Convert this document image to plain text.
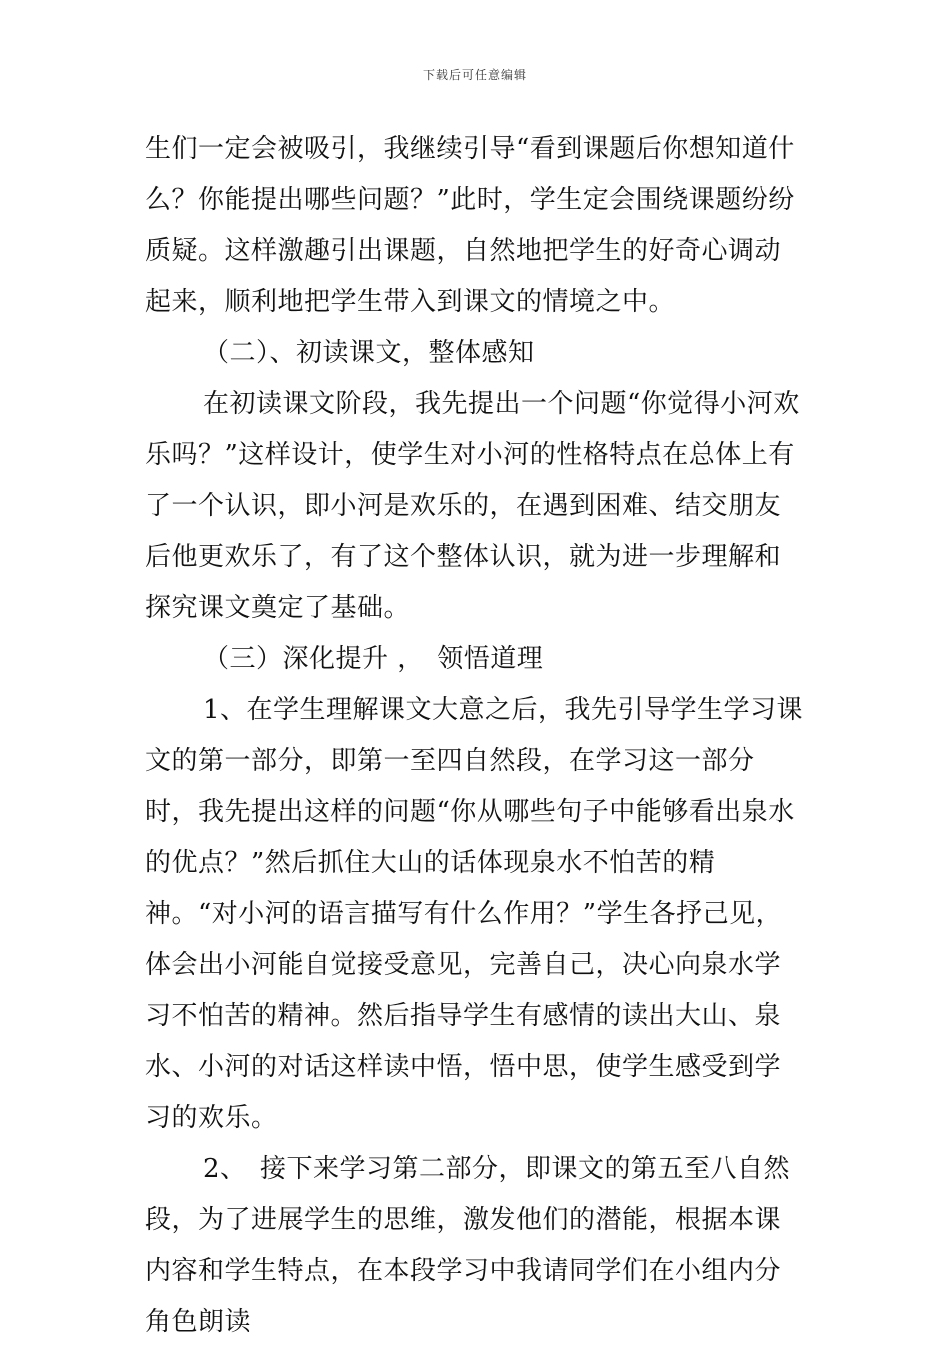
下载后可任意编辑

生们一定会被吸引，我继续引导“看到课题后你想知道什么？你能提出哪些问题？”此时，学生定会围绕课题纷纷质疑。这样激趣引出课题，自然地把学生的好奇心调动起来，顺利地把学生带入到课文的情境之中。

（二）、初读课文，整体感知

在初读课文阶段，我先提出一个问题“你觉得小河欢乐吗？”这样设计，使学生对小河的性格特点在总体上有了一个认识，即小河是欢乐的，在遇到困难、结交朋友后他更欢乐了，有了这个整体认识，就为进一步理解和探究课文奠定了基础。

（三）深化提升 ，　领悟道理

1、在学生理解课文大意之后，我先引导学生学习课文的第一部分，即第一至四自然段，在学习这一部分时，我先提出这样的问题“你从哪些句子中能够看出泉水的优点？”然后抓住大山的话体现泉水不怕苦的精神。“对小河的语言描写有什么作用？”学生各抒己见，体会出小河能自觉接受意见，完善自己，决心向泉水学习不怕苦的精神。然后指导学生有感情的读出大山、泉水、小河的对话这样读中悟，悟中思，使学生感受到学习的欢乐。

2、　接下来学习第二部分，即课文的第五至八自然段，为了进展学生的思维，激发他们的潜能，根据本课内容和学生特点，在本段学习中我请同学们在小组内分角色朗读
